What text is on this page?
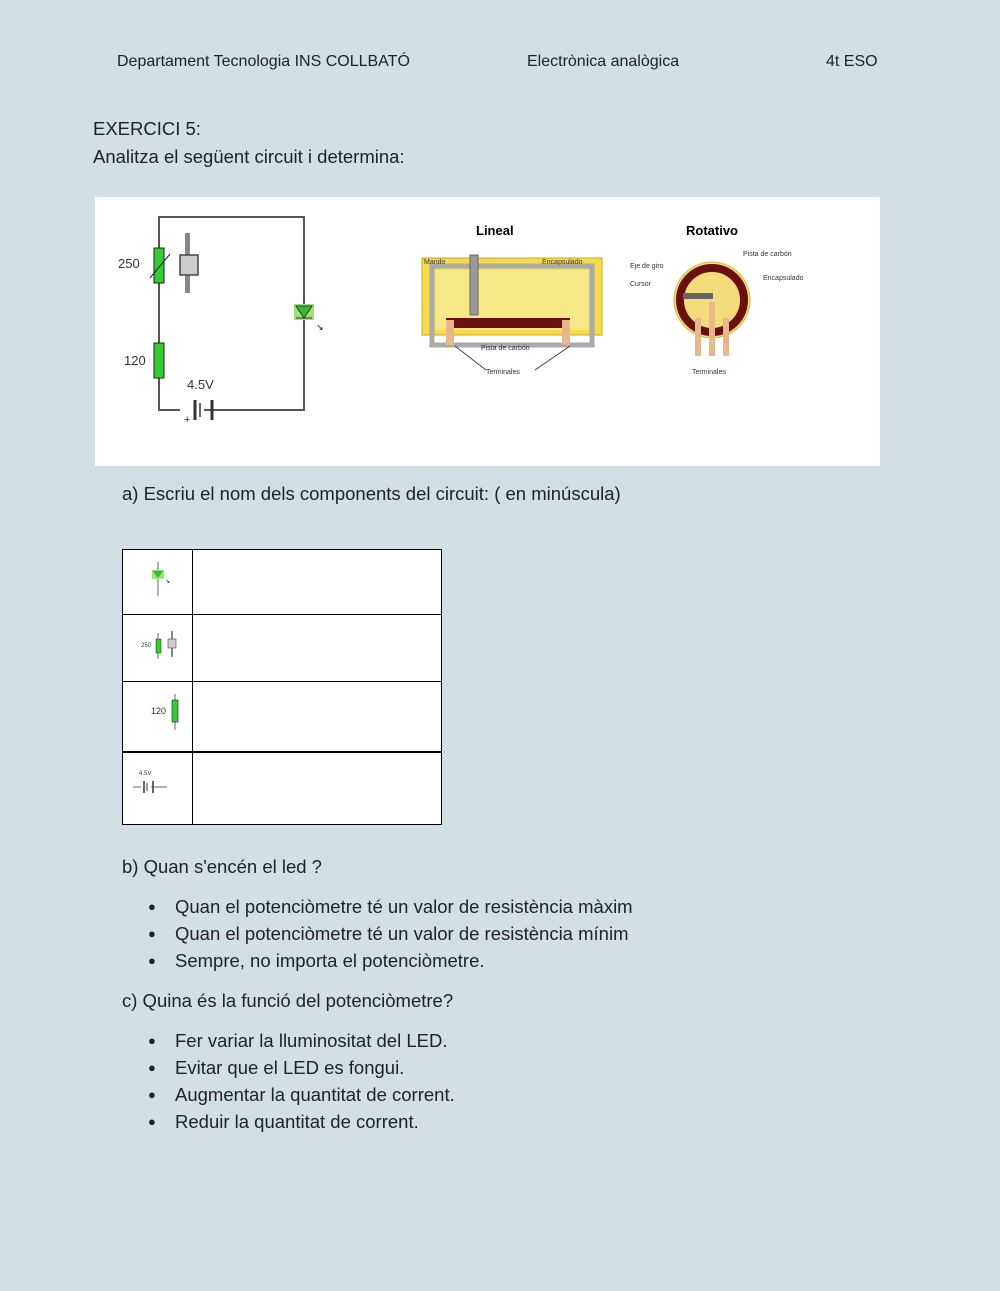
Departament Tecnologia INS COLLBATÓ	Electrònica analògica	4t ESO
EXERCICI 5:
Analitza el següent circuit i determina:
↘
250
120
4.5V
+
Lineal
Mando	Encapsulado
Pista de carbón
Terminales
Rotativo
Pista de carbón
Eje de giro
Encapsulado
Cursor
Terminales
a) Escriu el nom dels components del circuit: ( en minúscula)
↘	

250	

120	

4.5V	

b) Quan s'encén el led ?
● Quan el potenciòmetre té un valor de resistència màxim
● Quan el potenciòmetre té un valor de resistència mínim
● Sempre, no importa el potenciòmetre.
c) Quina és la funció del potenciòmetre?
● Fer variar la lluminositat del LED.
● Evitar que el LED es fongui.
● Augmentar la quantitat de corrent.
● Reduir la quantitat de corrent.
